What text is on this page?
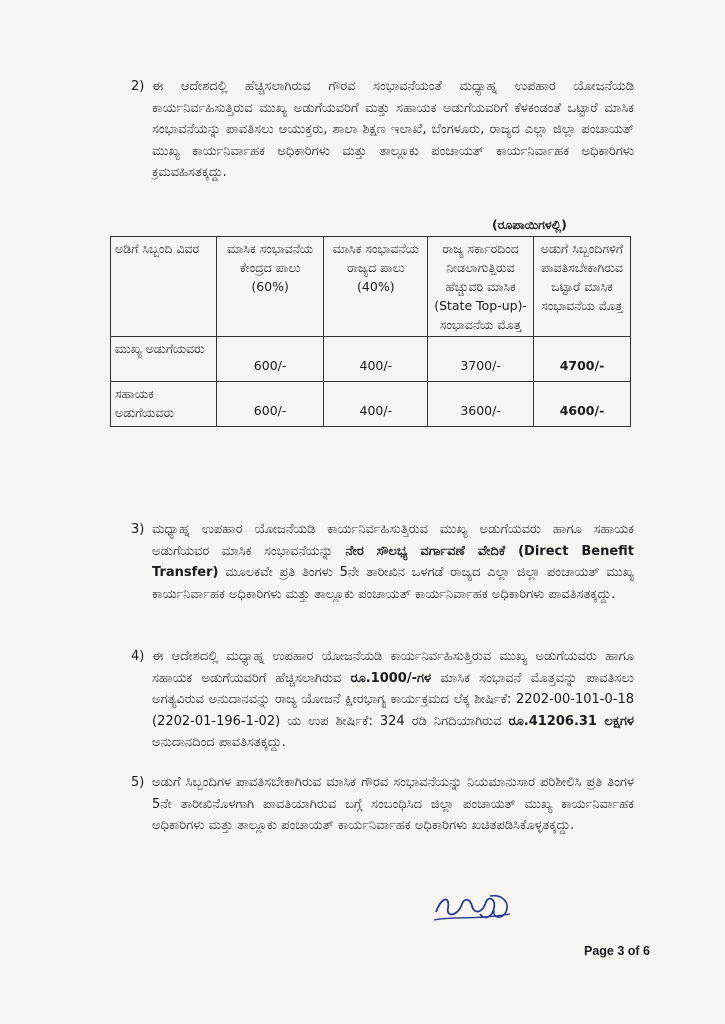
2) ಈ ಆದೇಶದಲ್ಲಿ ಹೆಚ್ಚಿಸಲಾಗಿರುವ ಗೌರವ ಸಂಭಾವನೆಯಂತೆ ಮಧ್ಯಾಹ್ನ ಉಪಹಾರ ಯೋಜನೆಯಡಿ ಕಾರ್ಯನಿರ್ವಹಿಸುತ್ತಿರುವ ಮುಖ್ಯ ಅಡುಗೆಯವರಿಗೆ ಮತ್ತು ಸಹಾಯಕ ಅಡುಗೆಯವರಿಗೆ ಕೆಳಕಂಡಂತೆ ಒಟ್ಟಾರೆ ಮಾಸಿಕ ಸಂಭಾವನೆಯನ್ನು ಪಾವತಿಸಲು ಆಯುಕ್ತರು, ಶಾಲಾ ಶಿಕ್ಷಣ ಇಲಾಖೆ, ಬೆಂಗಳೂರು, ರಾಜ್ಯದ ಎಲ್ಲಾ ಜಿಲ್ಲಾ ಪಂಚಾಯತ್ ಮುಖ್ಯ ಕಾರ್ಯನಿರ್ವಾಹಕ ಅಧಿಕಾರಿಗಳು ಮತ್ತು ತಾಲ್ಲೂಕು ಪಂಚಾಯತ್ ಕಾರ್ಯನಿರ್ವಾಹಕ ಅಧಿಕಾರಿಗಳು ಕ್ರಮವಹಿಸತಕ್ಕದ್ದು.
(ರೂಪಾಯಿಗಳಲ್ಲಿ)
ಅಡಿಗೆ ಸಿಬ್ಬಂದಿ ವಿವರ	ಮಾಸಿಕ ಸಂಭಾವನೆಯ ಕೇಂದ್ರದ ಪಾಲು (60%)	ಮಾಸಿಕ ಸಂಭಾವನೆಯ ರಾಜ್ಯದ ಪಾಲು (40%)	ರಾಜ್ಯ ಸರ್ಕಾರದಿಂದ ನೀಡಲಾಗುತ್ತಿರುವ ಹೆಚ್ಚುವರಿ ಮಾಸಿಕ (State Top-up)- ಸಂಭಾವನೆಯ ಮೊತ್ತ	ಅಡುಗೆ ಸಿಬ್ಬಂದಿಗಳಿಗೆ ಪಾವತಿಸಬೇಕಾಗಿರುವ ಒಟ್ಟಾರೆ ಮಾಸಿಕ ಸಂಭಾವನೆಯ ಮೊತ್ತ
ಮುಖ್ಯ ಅಡುಗೆಯವರು	600/-	400/-	3700/-	4700/-
ಸಹಾಯಕ ಅಡುಗೆಯವರು	600/-	400/-	3600/-	4600/-
3) ಮಧ್ಯಾಹ್ನ ಉಪಹಾರ ಯೋಜನೆಯಡಿ ಕಾರ್ಯನಿರ್ವಹಿಸುತ್ತಿರುವ ಮುಖ್ಯ ಅಡುಗೆಯವರು ಹಾಗೂ ಸಹಾಯಕ ಅಡುಗೆಯವರ ಮಾಸಿಕ ಸಂಭಾವನೆಯನ್ನು ನೇರ ಸೌಲಭ್ಯ ವರ್ಗಾವಣೆ ವೇದಿಕೆ (Direct Benefit Transfer) ಮೂಲಕವೇ ಪ್ರತಿ ತಿಂಗಳು 5ನೇ ತಾರೀಖಿನ ಒಳಗಡೆ ರಾಜ್ಯದ ಎಲ್ಲಾ ಜಿಲ್ಲಾ ಪಂಚಾಯತ್ ಮುಖ್ಯ ಕಾರ್ಯನಿರ್ವಾಹಕ ಅಧಿಕಾರಿಗಳು ಮತ್ತು ತಾಲ್ಲೂಕು ಪಂಚಾಯತ್ ಕಾರ್ಯನಿರ್ವಾಹಕ ಅಧಿಕಾರಿಗಳು ಪಾವತಿಸತಕ್ಕದ್ದು.
4) ಈ ಆದೇಶದಲ್ಲಿ ಮಧ್ಯಾಹ್ನ ಉಪಹಾರ ಯೋಜನೆಯಡಿ ಕಾರ್ಯನಿರ್ವಹಿಸುತ್ತಿರುವ ಮುಖ್ಯ ಅಡುಗೆಯವರು ಹಾಗೂ ಸಹಾಯಕ ಅಡುಗೆಯವರಿಗೆ ಹೆಚ್ಚಿಸಲಾಗಿರುವ ರೂ.1000/-ಗಳ ಮಾಸಿಕ ಸಂಭಾವನೆ ಮೊತ್ತವನ್ನು ಪಾವತಿಸಲು ಅಗತ್ಯವಿರುವ ಅನುದಾನವನ್ನು ರಾಜ್ಯ ಯೋಜನೆ ಕ್ಷೀರಭಾಗ್ಯ ಕಾರ್ಯಕ್ರಮದ ಲೆಕ್ಕ ಶೀರ್ಷಿಕೆ: 2202-00-101-0-18 (2202-01-196-1-02) ಯ ಉಪ ಶೀರ್ಷಿಕೆ: 324 ರಡಿ ನಿಗದಿಯಾಗಿರುವ ರೂ.41206.31 ಲಕ್ಷಗಳ ಅನುದಾನದಿಂದ ಪಾವತಿಸತಕ್ಕದ್ದು.
5) ಅಡುಗೆ ಸಿಬ್ಬಂದಿಗಳ ಪಾವತಿಸಬೇಕಾಗಿರುವ ಮಾಸಿಕ ಗೌರವ ಸಂಭಾವನೆಯನ್ನು ನಿಯಮಾನುಸಾರ ಪರಿಶೀಲಿಸಿ ಪ್ರತಿ ತಿಂಗಳ 5ನೇ ತಾರೀಖಿನೊಳಗಾಗಿ ಪಾವತಿಯಾಗಿರುವ ಬಗ್ಗೆ ಸಂಬಂಧಿಸಿದ ಜಿಲ್ಲಾ ಪಂಚಾಯತ್ ಮುಖ್ಯ ಕಾರ್ಯನಿರ್ವಾಹಕ ಅಧಿಕಾರಿಗಳು ಮತ್ತು ತಾಲ್ಲೂಕು ಪಂಚಾಯತ್ ಕಾರ್ಯನಿರ್ವಾಹಕ ಅಧಿಕಾರಿಗಳು ಖಚಿತಪಡಿಸಿಕೊಳ್ಳತಕ್ಕದ್ದು.
Page 3 of 6
